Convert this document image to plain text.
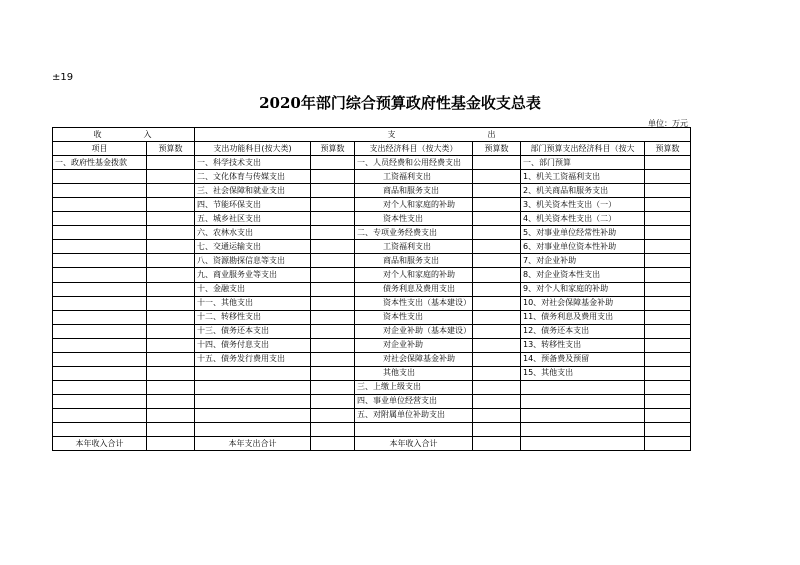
±19
2020年部门综合预算政府性基金收支总表
单位：万元
收　　　　入		支　　　　　　　　　出					
项目	预算数	支出功能科目(按大类)	预算数	支出经济科目（按大类）	预算数	部门预算支出经济科目（按大	预算数
一、政府性基金拨款		一、科学技术支出		一、人员经费和公用经费支出		一、部门预算	
		二、文化体育与传媒支出		工资福利支出		1、机关工资福利支出	
		三、社会保障和就业支出		商品和服务支出		2、机关商品和服务支出	
		四、节能环保支出		对个人和家庭的补助		3、机关资本性支出（一）	
		五、城乡社区支出		资本性支出		4、机关资本性支出（二）	
		六、农林水支出		二、专项业务经费支出		5、对事业单位经常性补助	
		七、交通运输支出		工资福利支出		6、对事业单位资本性补助	
		八、资源勘探信息等支出		商品和服务支出		7、对企业补助	
		九、商业服务业等支出		对个人和家庭的补助		8、对企业资本性支出	
		十、金融支出		债务利息及费用支出		9、对个人和家庭的补助	
		十一、其他支出		资本性支出（基本建设）		10、对社会保障基金补助	
		十二、转移性支出		资本性支出		11、债务利息及费用支出	
		十三、债务还本支出		对企业补助（基本建设）		12、债务还本支出	
		十四、债务付息支出		对企业补助		13、转移性支出	
		十五、债务发行费用支出		对社会保障基金补助		14、预备费及预留	
				其他支出		15、其他支出	
				三、上缴上级支出			
				四、事业单位经营支出			
				五、对附属单位补助支出			

本年收入合计		本年支出合计		本年收入合计			
